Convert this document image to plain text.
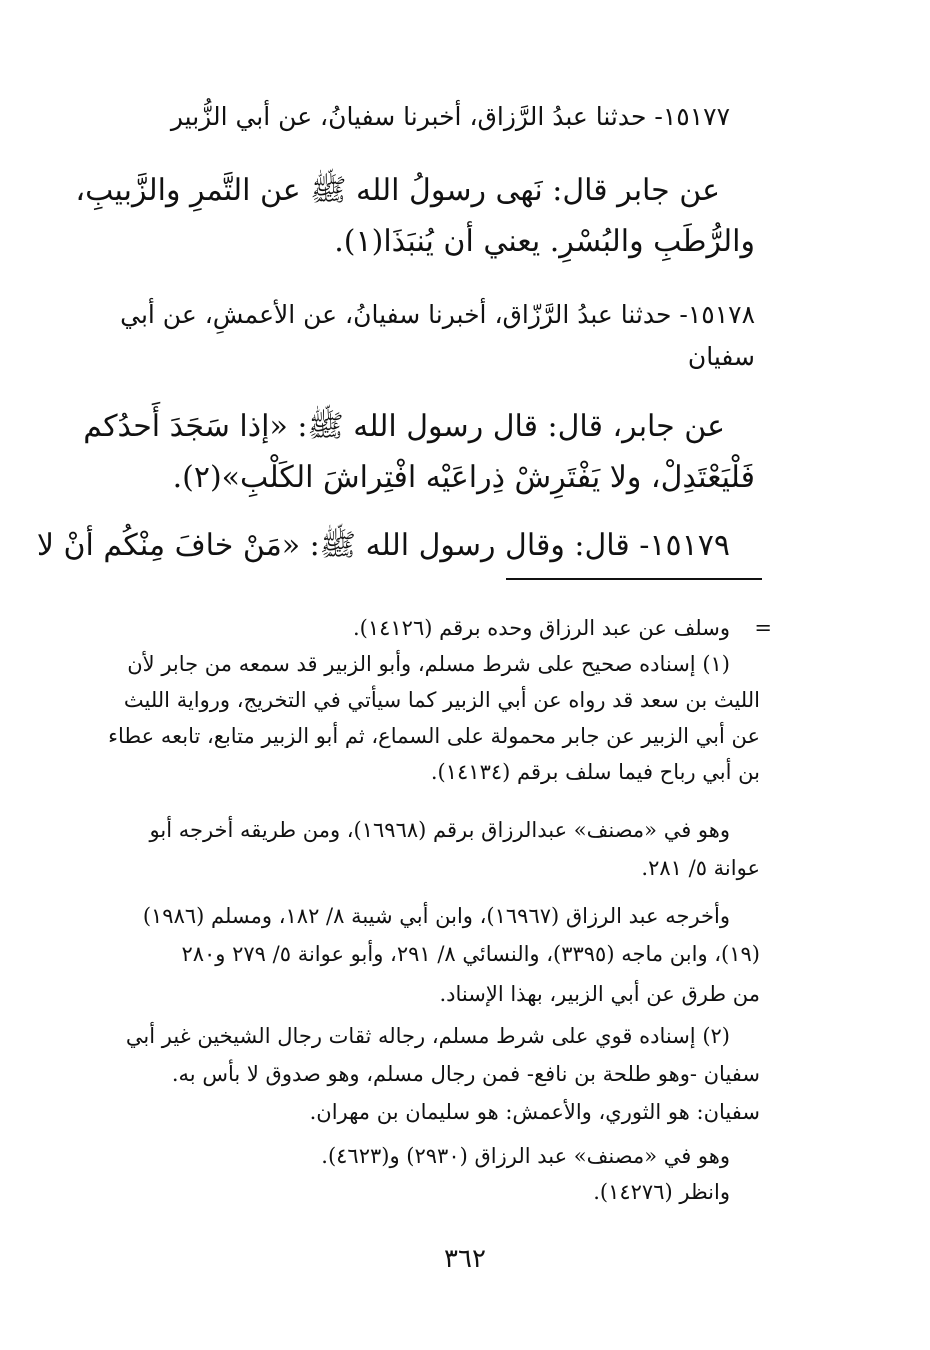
١٥١٧٧- حدثنا عبدُ الرَّزاق، أخبرنا سفيانُ، عن أبي الزُّبير

عن جابر قال: نَهى رسولُ الله ﷺ عن التَّمرِ والزَّبيبِ،

والرُّطَبِ والبُسْرِ. يعني أن يُنبَذَا(١).

١٥١٧٨- حدثنا عبدُ الرَّزّاق، أخبرنا سفيانُ، عن الأعمشِ، عن أبي

سفيان

عن جابر، قال: قال رسول الله ﷺ: «إذا سَجَدَ أَحدُكم

فَلْيَعْتَدِلْ، ولا يَفْتَرِشْ ذِراعَيْه افْتِراشَ الكَلْبِ»(٢).

١٥١٧٩- قال: وقال رسول الله ﷺ: «مَنْ خافَ مِنْكُم أنْ لا

=

وسلف عن عبد الرزاق وحده برقم (١٤١٢٦).

(١) إسناده صحيح على شرط مسلم، وأبو الزبير قد سمعه من جابر لأن

الليث بن سعد قد رواه عن أبي الزبير كما سيأتي في التخريج، ورواية الليث

عن أبي الزبير عن جابر محمولة على السماع، ثم أبو الزبير متابع، تابعه عطاء

بن أبي رباح فيما سلف برقم (١٤١٣٤).

وهو في «مصنف» عبدالرزاق برقم (١٦٩٦٨)، ومن طريقه أخرجه أبو

عوانة ٥/ ٢٨١.

وأخرجه عبد الرزاق (١٦٩٦٧)، وابن أبي شيبة ٨/ ١٨٢، ومسلم (١٩٨٦)

(١٩)، وابن ماجه (٣٣٩٥)، والنسائي ٨/ ٢٩١، وأبو عوانة ٥/ ٢٧٩ و٢٨٠

من طرق عن أبي الزبير، بهذا الإسناد.

(٢) إسناده قوي على شرط مسلم، رجاله ثقات رجال الشيخين غير أبي

سفيان -وهو طلحة بن نافع- فمن رجال مسلم، وهو صدوق لا بأس به.

سفيان: هو الثوري، والأعمش: هو سليمان بن مهران.

وهو في «مصنف» عبد الرزاق (٢٩٣٠) و(٤٦٢٣).

وانظر (١٤٢٧٦).

٣٦٢
